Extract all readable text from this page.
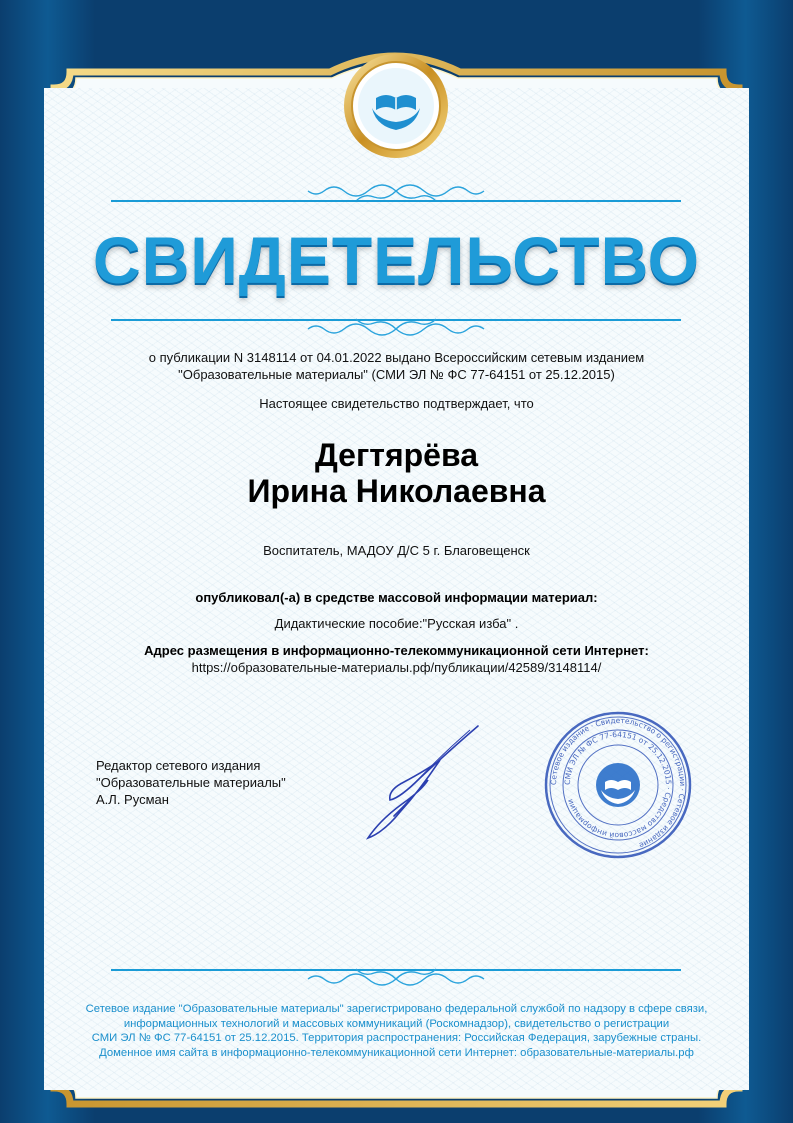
СВИДЕТЕЛЬСТВО
о публикации N 3148114 от 04.01.2022 выдано Всероссийским сетевым изданием
"Образовательные материалы" (СМИ ЭЛ № ФС 77-64151 от 25.12.2015)
Настоящее свидетельство подтверждает, что
Дегтярёва
Ирина Николаевна
Воспитатель, МАДОУ Д/С 5 г. Благовещенск
опубликовал(-а) в средстве массовой информации материал:
Дидактические пособие:"Русская изба" .
Адрес размещения в информационно-телекоммуникационной сети Интернет:
https://образовательные-материалы.рф/публикации/42589/3148114/
Редактор сетевого издания
"Образовательные материалы"
А.Л. Русман
Сетевое издание · Свидетельство о регистрации · Сетевое издание
СМИ ЭЛ № ФС 77-64151 от 25.12.2015 · Средство массовой информации
Сетевое издание "Образовательные материалы" зарегистрировано федеральной службой по надзору в сфере связи,
информационных технологий и массовых коммуникаций (Роскомнадзор), свидетельство о регистрации
СМИ ЭЛ № ФС 77-64151 от 25.12.2015. Территория распространения: Российская Федерация, зарубежные страны.
Доменное имя сайта в информационно-телекоммуникационной сети Интернет: образовательные-материалы.рф
